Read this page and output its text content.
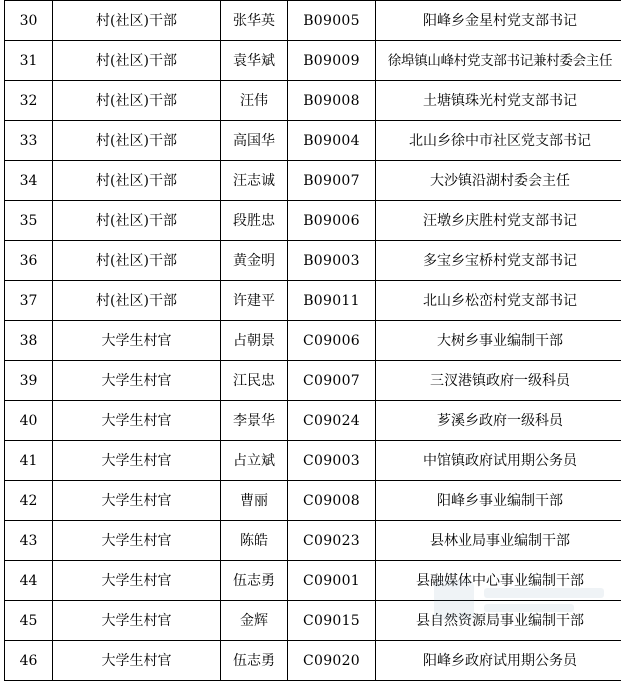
30	村(社区)干部	张华英	B09005	阳峰乡金星村党支部书记
31	村(社区)干部	袁华斌	B09009	徐埠镇山峰村党支部书记兼村委会主任
32	村(社区)干部	汪伟	B09008	土塘镇珠光村党支部书记
33	村(社区)干部	高国华	B09004	北山乡徐中市社区党支部书记
34	村(社区)干部	汪志诚	B09007	大沙镇沿湖村委会主任
35	村(社区)干部	段胜忠	B09006	汪墩乡庆胜村党支部书记
36	村(社区)干部	黄金明	B09003	多宝乡宝桥村党支部书记
37	村(社区)干部	许建平	B09011	北山乡松峦村党支部书记
38	大学生村官	占朝景	C09006	大树乡事业编制干部
39	大学生村官	江民忠	C09007	三汊港镇政府一级科员
40	大学生村官	李景华	C09024	芗溪乡政府一级科员
41	大学生村官	占立斌	C09003	中馆镇政府试用期公务员
42	大学生村官	曹丽	C09008	阳峰乡事业编制干部
43	大学生村官	陈皓	C09023	县林业局事业编制干部
44	大学生村官	伍志勇	C09001	县融媒体中心事业编制干部
45	大学生村官	金辉	C09015	县自然资源局事业编制干部
46	大学生村官	伍志勇	C09020	阳峰乡政府试用期公务员
